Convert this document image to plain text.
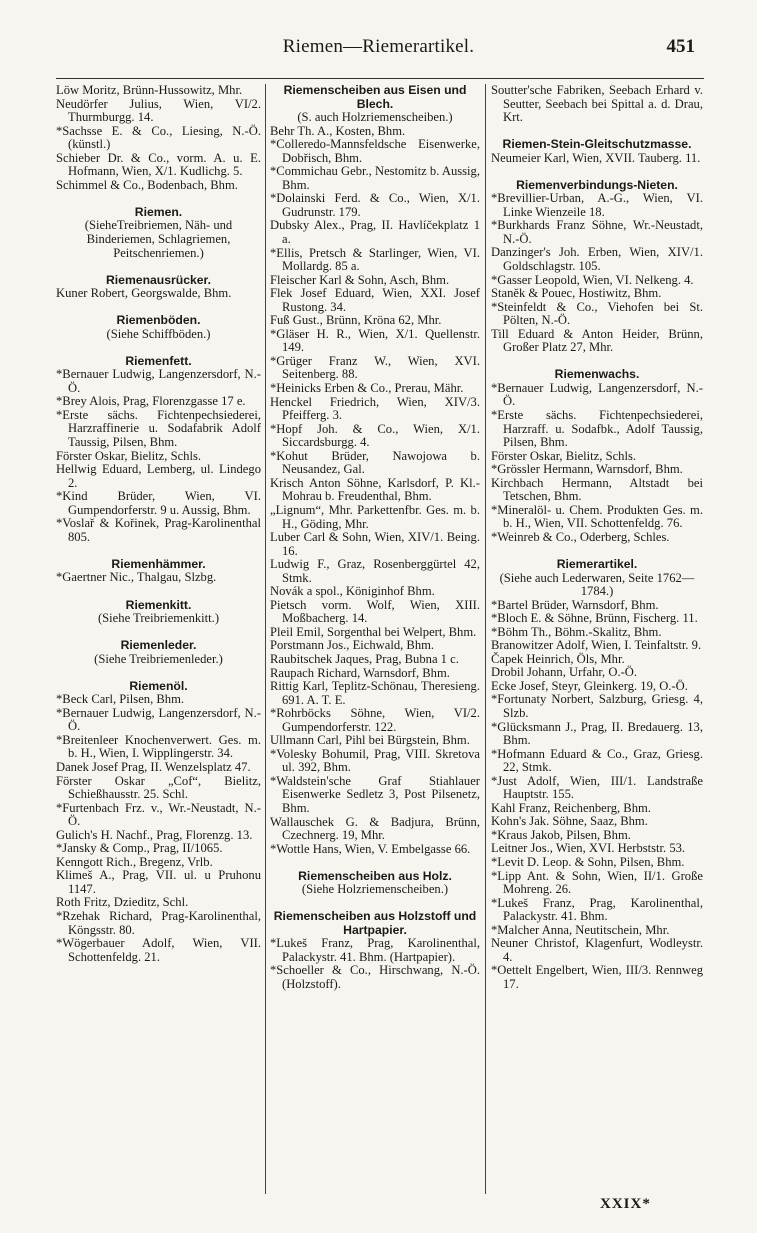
Riemen—Riemerartikel.	451
Löw Moritz, Brünn-Hussowitz, Mhr.
Neudörfer Julius, Wien, VI/2. Thurmburgg. 14.
*Sachsse E. & Co., Liesing, N.-Ö. (künstl.)
Schieber Dr. & Co., vorm. A. u. E. Hofmann, Wien, X/1. Kudlichg. 5.
Schimmel & Co., Bodenbach, Bhm.
Riemen.
(SieheTreibriemen, Näh- und Binderiemen, Schlagriemen, Peitschenriemen.)
Riemenausrücker.
Kuner Robert, Georgswalde, Bhm.
Riemenböden.
(Siehe Schiffböden.)
Riemenfett.
*Bernauer Ludwig, Langenzersdorf, N.-Ö.
*Brey Alois, Prag, Florenzgasse 17 e.
*Erste sächs. Fichtenpechsiederei, Harzraffinerie u. Sodafabrik Adolf Taussig, Pilsen, Bhm.
Förster Oskar, Bielitz, Schls.
Hellwig Eduard, Lemberg, ul. Lindego 2.
*Kind Brüder, Wien, VI. Gumpendorferstr. 9 u. Aussig, Bhm.
*Voslař & Kořinek, Prag-Karolinenthal 805.
Riemenhämmer.
*Gaertner Nic., Thalgau, Slzbg.
Riemenkitt.
(Siehe Treibriemenkitt.)
Riemenleder.
(Siehe Treibriemenleder.)
Riemenöl.
*Beck Carl, Pilsen, Bhm.
*Bernauer Ludwig, Langenzersdorf, N.-Ö.
*Breitenleer Knochenverwert. Ges. m. b. H., Wien, I. Wipplingerstr. 34.
Danek Josef Prag, II. Wenzelsplatz 47.
Förster Oskar „Cof“, Bielitz, Schießhausstr. 25. Schl.
*Furtenbach Frz. v., Wr.-Neustadt, N.-Ö.
Gulich's H. Nachf., Prag, Florenzg. 13.
*Jansky & Comp., Prag, II/1065.
Kenngott Rich., Bregenz, Vrlb.
Klimeš A., Prag, VII. ul. u Pruhonu 1147.
Roth Fritz, Dzieditz, Schl.
*Rzehak Richard, Prag-Karolinenthal, Köngsstr. 80.
*Wögerbauer Adolf, Wien, VII. Schottenfeldg. 21.
Riemenscheiben aus Eisen und Blech.
(S. auch Holzriemenscheiben.)
Behr Th. A., Kosten, Bhm.
*Colleredo-Mannsfeldsche Eisenwerke, Dobřisch, Bhm.
*Commichau Gebr., Nestomitz b. Aussig, Bhm.
*Dolainski Ferd. & Co., Wien, X/1. Gudrunstr. 179.
Dubsky Alex., Prag, II. Havlíčekplatz 1 a.
*Ellis, Pretsch & Starlinger, Wien, VI. Mollardg. 85 a.
Fleischer Karl & Sohn, Asch, Bhm.
Flek Josef Eduard, Wien, XXI. Josef Rustong. 34.
Fuß Gust., Brünn, Kröna 62, Mhr.
*Gläser H. R., Wien, X/1. Quellenstr. 149.
*Grüger Franz W., Wien, XVI. Seitenberg. 88.
*Heinicks Erben & Co., Prerau, Mähr.
Henckel Friedrich, Wien, XIV/3. Pfeifferg. 3.
*Hopf Joh. & Co., Wien, X/1. Siccardsburgg. 4.
*Kohut Brüder, Nawojowa b. Neusandez, Gal.
Krisch Anton Söhne, Karlsdorf, P. Kl.-Mohrau b. Freudenthal, Bhm.
„Lignum“, Mhr. Parkettenfbr. Ges. m. b. H., Göding, Mhr.
Luber Carl & Sohn, Wien, XIV/1. Being. 16.
Ludwig F., Graz, Rosenberggürtel 42, Stmk.
Novák a spol., Königinhof Bhm.
Pietsch vorm. Wolf, Wien, XIII. Moßbacherg. 14.
Pleil Emil, Sorgenthal bei Welpert, Bhm.
Porstmann Jos., Eichwald, Bhm.
Raubitschek Jaques, Prag, Bubna 1 c.
Raupach Richard, Warnsdorf, Bhm.
Rittig Karl, Teplitz-Schönau, Theresieng. 691. A. T. E.
*Rohrböcks Söhne, Wien, VI/2. Gumpendorferstr. 122.
Ullmann Carl, Pihl bei Bürgstein, Bhm.
*Volesky Bohumil, Prag, VIII. Skretova ul. 392, Bhm.
*Waldstein'sche Graf Stiahlauer Eisenwerke Sedletz 3, Post Pilsenetz, Bhm.
Wallauschek G. & Badjura, Brünn, Czechnerg. 19, Mhr.
*Wottle Hans, Wien, V. Embelgasse 66.
Riemenscheiben aus Holz.
(Siehe Holzriemenscheiben.)
Riemenscheiben aus Holzstoff und Hartpapier.
*Lukeš Franz, Prag, Karolinenthal, Palackystr. 41. Bhm. (Hartpapier).
*Schoeller & Co., Hirschwang, N.-Ö. (Holzstoff).
Soutter'sche Fabriken, Seebach Erhard v. Seutter, Seebach bei Spittal a. d. Drau, Krt.
Riemen-Stein-Gleitschutzmasse.
Neumeier Karl, Wien, XVII. Tauberg. 11.
Riemenverbindungs-Nieten.
*Brevillier-Urban, A.-G., Wien, VI. Linke Wienzeile 18.
*Burkhards Franz Söhne, Wr.-Neustadt, N.-Ö.
Danzinger's Joh. Erben, Wien, XIV/1. Goldschlagstr. 105.
*Gasser Leopold, Wien, VI. Nelkeng. 4.
Staněk & Pouec, Hostiwitz, Bhm.
*Steinfeldt & Co., Viehofen bei St. Pölten, N.-Ö.
Till Eduard & Anton Heider, Brünn, Großer Platz 27, Mhr.
Riemenwachs.
*Bernauer Ludwig, Langenzersdorf, N.-Ö.
*Erste sächs. Fichtenpechsiederei, Harzraff. u. Sodafbk., Adolf Taussig, Pilsen, Bhm.
Förster Oskar, Bielitz, Schls.
*Grössler Hermann, Warnsdorf, Bhm.
Kirchbach Hermann, Altstadt bei Tetschen, Bhm.
*Mineralöl- u. Chem. Produkten Ges. m. b. H., Wien, VII. Schottenfeldg. 76.
*Weinreb & Co., Oderberg, Schles.
Riemerartikel.
(Siehe auch Lederwaren, Seite 1762—1784.)
*Bartel Brüder, Warnsdorf, Bhm.
*Bloch E. & Söhne, Brünn, Fischerg. 11.
*Böhm Th., Böhm.-Skalitz, Bhm.
Branowitzer Adolf, Wien, I. Teinfaltstr. 9.
Čapek Heinrich, Öls, Mhr.
Drobil Johann, Urfahr, O.-Ö.
Ecke Josef, Steyr, Gleinkerg. 19, O.-Ö.
*Fortunaty Norbert, Salzburg, Griesg. 4, Slzb.
*Glücksmann J., Prag, II. Bredauerg. 13, Bhm.
*Hofmann Eduard & Co., Graz, Griesg. 22, Stmk.
*Just Adolf, Wien, III/1. Landstraße Hauptstr. 155.
Kahl Franz, Reichenberg, Bhm.
Kohn's Jak. Söhne, Saaz, Bhm.
*Kraus Jakob, Pilsen, Bhm.
Leitner Jos., Wien, XVI. Herbststr. 53.
*Levit D. Leop. & Sohn, Pilsen, Bhm.
*Lipp Ant. & Sohn, Wien, II/1. Große Mohreng. 26.
*Lukeš Franz, Prag, Karolinenthal, Palackystr. 41. Bhm.
*Malcher Anna, Neutitschein, Mhr.
Neuner Christof, Klagenfurt, Wodleystr. 4.
*Oettelt Engelbert, Wien, III/3. Rennweg 17.
XXIX*
